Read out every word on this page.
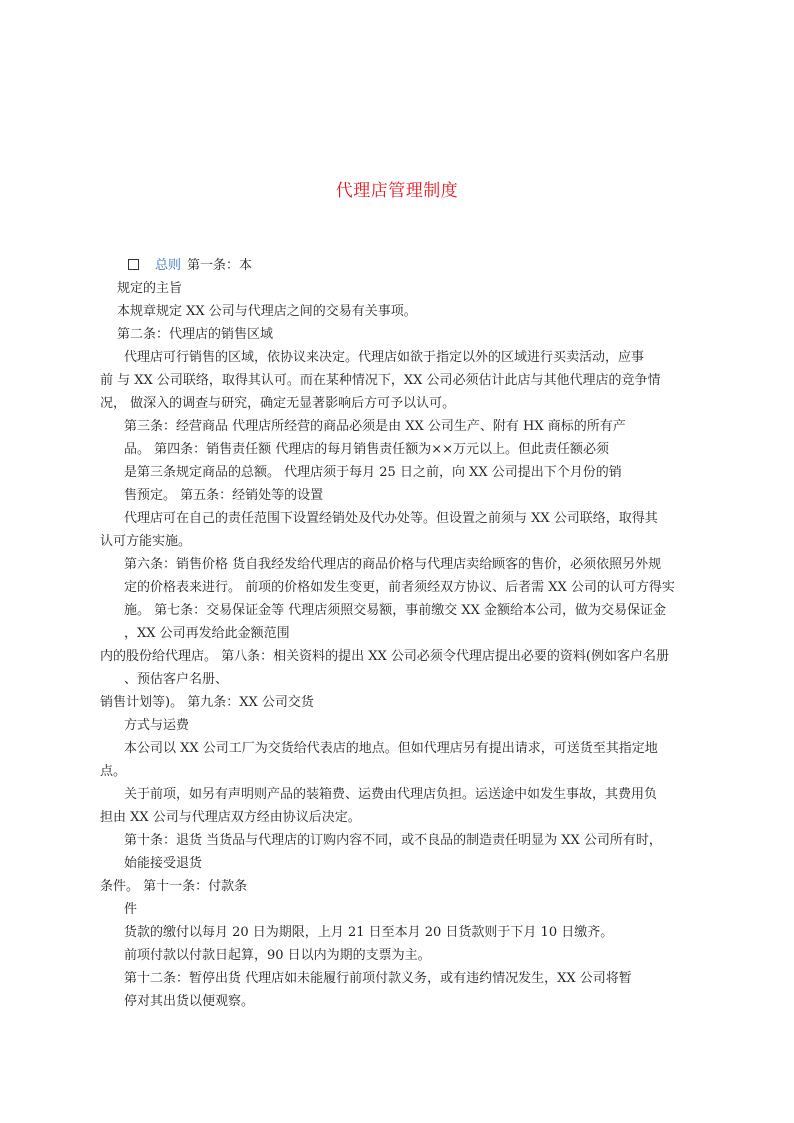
代理店管理制度
总则 第一条：本
规定的主旨
本规章规定 XX 公司与代理店之间的交易有关事项。
第二条：代理店的销售区域
代理店可行销售的区域，依协议来决定。代理店如欲于指定以外的区域进行买卖活动，应事
前 与 XX 公司联络，取得其认可。而在某种情况下，XX 公司必须估计此店与其他代理店的竞争情
况， 做深入的调查与研究，确定无显著影响后方可予以认可。
第三条：经营商品 代理店所经营的商品必须是由 XX 公司生产、附有 HX 商标的所有产
品。 第四条：销售责任额 代理店的每月销售责任额为××万元以上。但此责任额必须
是第三条规定商品的总额。 代理店须于每月 25 日之前，向 XX 公司提出下个月份的销
售预定。 第五条：经销处等的设置
代理店可在自己的责任范围下设置经销处及代办处等。但设置之前须与 XX 公司联络，取得其
认可方能实施。
第六条：销售价格 货自我经发给代理店的商品价格与代理店卖给顾客的售价，必须依照另外规
定的价格表来进行。 前项的价格如发生变更，前者须经双方协议、后者需 XX 公司的认可方得实
施。 第七条：交易保证金等 代理店须照交易额，事前缴交 XX 金额给本公司，做为交易保证金
，XX 公司再发给此金额范围
内的股份给代理店。 第八条：相关资料的提出 XX 公司必须令代理店提出必要的资料(例如客户名册
、预估客户名册、
销售计划等)。 第九条：XX 公司交货
方式与运费
本公司以 XX 公司工厂为交货给代表店的地点。但如代理店另有提出请求，可送货至其指定地
点。
关于前项，如另有声明则产品的装箱费、运费由代理店负担。运送途中如发生事故，其费用负
担由 XX 公司与代理店双方经由协议后决定。
第十条：退货 当货品与代理店的订购内容不同，或不良品的制造责任明显为 XX 公司所有时，
始能接受退货
条件。 第十一条：付款条
件
货款的缴付以每月 20 日为期限，上月 21 日至本月 20 日货款则于下月 10 日缴齐。
前项付款以付款日起算，90 日以内为期的支票为主。
第十二条：暂停出货 代理店如未能履行前项付款义务，或有违约情况发生，XX 公司将暂
停对其出货以便观察。
